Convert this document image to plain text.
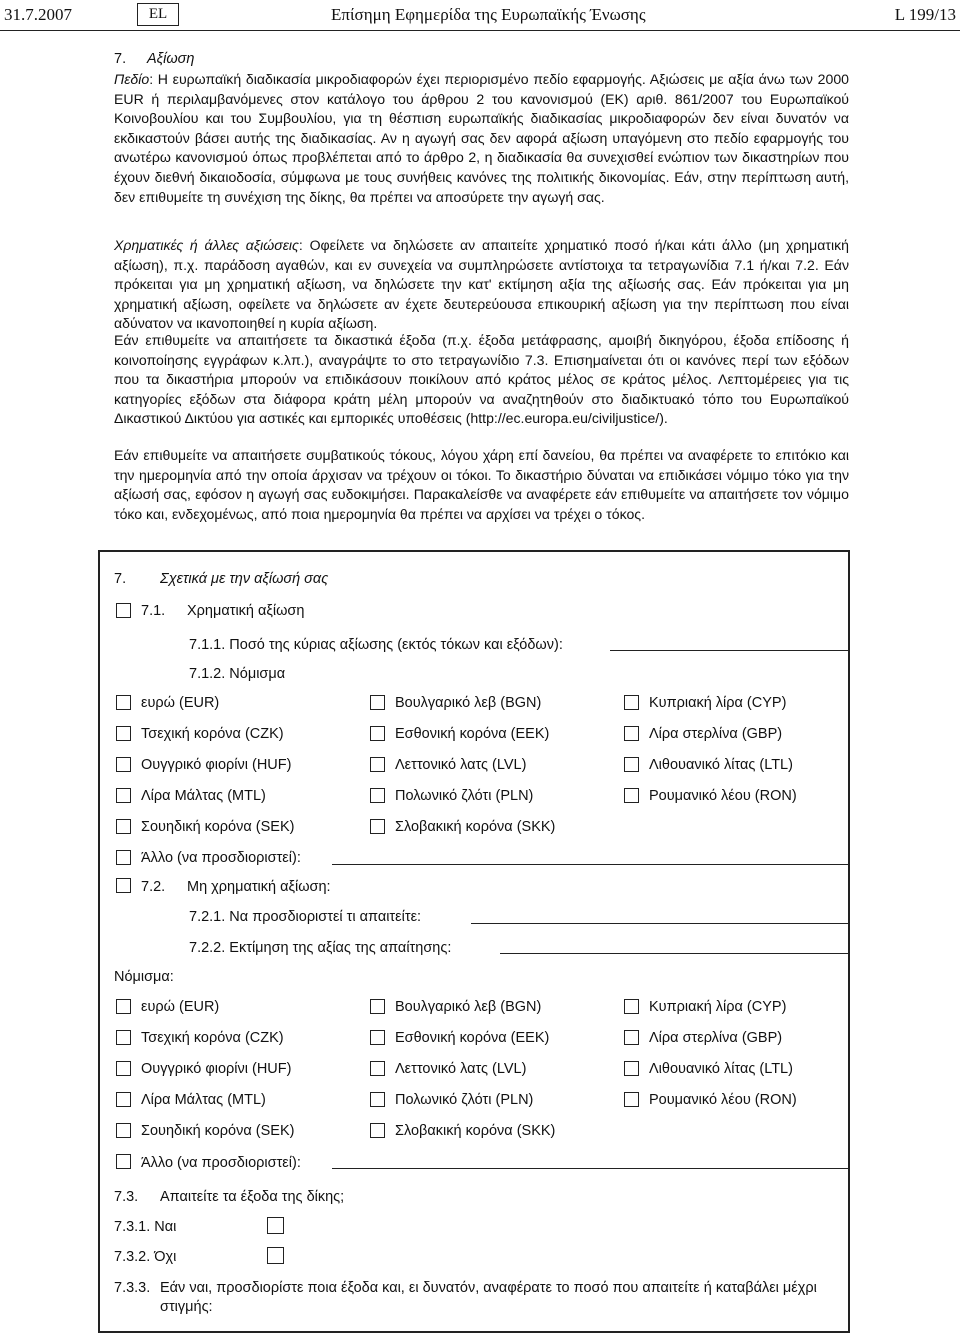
31.7.2007	EL	Επίσημη Εφημερίδα της Ευρωπαϊκής Ένωσης	L 199/13
7. Αξίωση

Πεδίο: Η ευρωπαϊκή διαδικασία μικροδιαφορών έχει περιορισμένο πεδίο εφαρμογής. Αξιώσεις με αξία άνω των 2000 EUR ή περιλαμβανόμενες στον κατάλογο του άρθρου 2 του κανονισμού (ΕΚ) αριθ. 861/2007 του Ευρωπαϊκού Κοινοβουλίου και του Συμβουλίου, για τη θέσπιση ευρωπαϊκής διαδικασίας μικροδιαφορών δεν είναι δυνατόν να εκδικαστούν βάσει αυτής της διαδικασίας. Αν η αγωγή σας δεν αφορά αξίωση υπαγόμενη στο πεδίο εφαρμογής του ανωτέρω κανονισμού όπως προβλέπεται από το άρθρο 2, η διαδικασία θα συνεχισθεί ενώπιον των δικαστηρίων που έχουν διεθνή δικαιοδοσία, σύμφωνα με τους συνήθεις κανόνες της πολιτικής δικονομίας. Εάν, στην περίπτωση αυτή, δεν επιθυμείτε τη συνέχιση της δίκης, θα πρέπει να αποσύρετε την αγωγή σας.

Χρηματικές ή άλλες αξιώσεις: Οφείλετε να δηλώσετε αν απαιτείτε χρηματικό ποσό ή/και κάτι άλλο (μη χρηματική αξίωση), π.χ. παράδοση αγαθών, και εν συνεχεία να συμπληρώσετε αντίστοιχα τα τετραγωνίδια 7.1 ή/και 7.2. Εάν πρόκειται για μη χρηματική αξίωση, να δηλώσετε την κατ' εκτίμηση αξία της αξίωσής σας. Εάν πρόκειται για μη χρηματική αξίωση, οφείλετε να δηλώσετε αν έχετε δευτερεύουσα επικουρική αξίωση για την περίπτωση που είναι αδύνατον να ικανοποιηθεί η κυρία αξίωση.

Εάν επιθυμείτε να απαιτήσετε τα δικαστικά έξοδα (π.χ. έξοδα μετάφρασης, αμοιβή δικηγόρου, έξοδα επίδοσης ή κοινοποίησης εγγράφων κ.λπ.), αναγράψτε το στο τετραγωνίδιο 7.3. Επισημαίνεται ότι οι κανόνες περί των εξόδων που τα δικαστήρια μπορούν να επιδικάσουν ποικίλουν από κράτος μέλος σε κράτος μέλος. Λεπτομέρειες για τις κατηγορίες εξόδων στα διάφορα κράτη μέλη μπορούν να αναζητηθούν στο διαδικτυακό τόπο του Ευρωπαϊκού Δικαστικού Δικτύου για αστικές και εμπορικές υποθέσεις (http://ec.europa.eu/civiljustice/).

Εάν επιθυμείτε να απαιτήσετε συμβατικούς τόκους, λόγου χάρη επί δανείου, θα πρέπει να αναφέρετε το επιτόκιο και την ημερομηνία από την οποία άρχισαν να τρέχουν οι τόκοι. Το δικαστήριο δύναται να επιδικάσει νόμιμο τόκο για την αξίωσή σας, εφόσον η αγωγή σας ευδοκιμήσει. Παρακαλείσθε να αναφέρετε εάν επιθυμείτε να απαιτήσετε τον νόμιμο τόκο και, ενδεχομένως, από ποια ημερομηνία θα πρέπει να αρχίσει να τρέχει ο τόκος.

7. Σχετικά με την αξίωσή σας
7.1. Χρηματική αξίωση
7.1.1. Ποσό της κύριας αξίωσης (εκτός τόκων και εξόδων):
7.1.2. Νόμισμα
ευρώ (EUR)	Βουλγαρικό λεβ (BGN)	Κυπριακή λίρα (CYP)
Τσεχική κορόνα (CZK)	Εσθονική κορόνα (EEK)	Λίρα στερλίνα (GBP)
Ουγγρικό φιορίνι (HUF)	Λεττονικό λατς (LVL)	Λιθουανικό λίτας (LTL)
Λίρα Μάλτας (MTL)	Πολωνικό ζλότι (PLN)	Ρουμανικό λέου (RON)
Σουηδική κορόνα (SEK)	Σλοβακική κορόνα (SKK)
Άλλο (να προσδιοριστεί):
7.2. Μη χρηματική αξίωση:
7.2.1. Να προσδιοριστεί τι απαιτείτε:
7.2.2. Εκτίμηση της αξίας της απαίτησης:
Νόμισμα:
ευρώ (EUR)	Βουλγαρικό λεβ (BGN)	Κυπριακή λίρα (CYP)
Τσεχική κορόνα (CZK)	Εσθονική κορόνα (EEK)	Λίρα στερλίνα (GBP)
Ουγγρικό φιορίνι (HUF)	Λεττονικό λατς (LVL)	Λιθουανικό λίτας (LTL)
Λίρα Μάλτας (MTL)	Πολωνικό ζλότι (PLN)	Ρουμανικό λέου (RON)
Σουηδική κορόνα (SEK)	Σλοβακική κορόνα (SKK)
Άλλο (να προσδιοριστεί):
7.3. Απαιτείτε τα έξοδα της δίκης;
7.3.1. Ναι
7.3.2. Όχι
7.3.3. Εάν ναι, προσδιορίστε ποια έξοδα και, ει δυνατόν, αναφέρατε το ποσό που απαιτείτε ή καταβάλει μέχρι στιγμής:
